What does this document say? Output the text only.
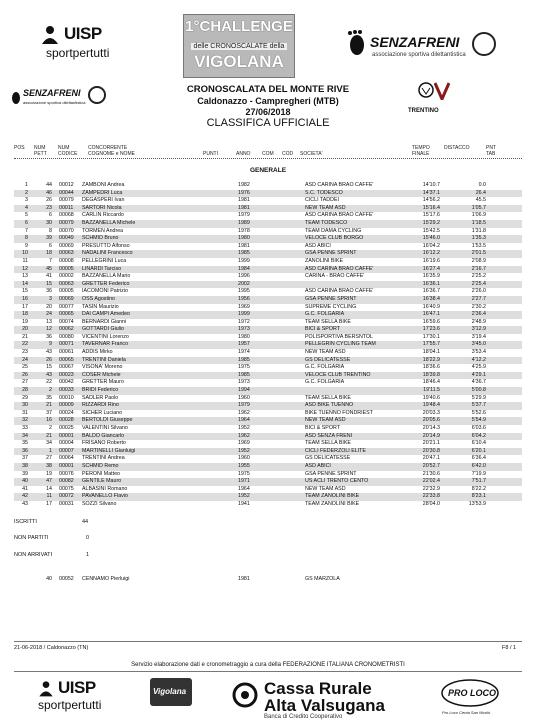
UISP
sportpertutti
1°CHALLENGE
delle CRONOSCALATE della
VIGOLANA
SENZAFRENI
associazione sportiva dilettantistica
SENZAFRENI
associazione sportiva dilettantistica
TRENTINO
CRONOSCALATA DEL MONTE RIVE
Caldonazzo - Campregheri (MTB)
27/06/2018
CLASSIFICA UFFICIALE
POS NUM PETT
NUM CODICE
CONCORRENTE COGNOME e NOME	PUNTI	ANNO COM COD SOCIETA'
TEMPO FINALE
DISTACCO	PNT TAB
GENERALE
1	44 00012 ZAMBONI Andrea	1982	ASD CARINA BRAO CAFFE'	14'10.7	0.0
2	46 00044 ZAMPEDRI Luca	1976	S.C. TODESCO	14'37.1	26.4
3	26 00079 DEGASPERI Ivan	1981	CICLI TADDEI	14'56.2	45.5
4	23 00011 SARTORI Nicola	1981	NEW TEAM ASD	15'16.4	1'05.7
5	6 00068 CARLIN Riccardo	1979	ASD CARINA BRAO CAFFE'	15'17.6	1'06.9
6	30 00079 BAZZANELLA Michele	1989	TEAM TODESCO	15'29.2	1'18.5
7	8 00070 TORMEN Andrea	1978	TEAM DAMA CYCLING	15'42.5	1'31.8
8	39 00049 SCHMID Bruno	1980	VELOCE CLUB BORGO	15'46.0	1'35.3
9	6 00069 PRESUTTO Alfonso	1981	ASD ABICI	16'04.2	1'53.5
10	18 00063 NADALINI Francesco	1985	GSA PENNE SPRINT	16'12.2	2'01.5
11	7 00008 PELLEGRINI Luca	1999	ZANOLINI BIKE	16'19.6	2'08.9
12	45 00005 LINARDI Tarciso	1984	ASD CARINA BRAO CAFFE'	16'27.4	2'16.7
13	41 00002 BAZZANELLA Mario	1996	CARINA - BRAO CAFFE'	16'35.9	2'25.2
14	15 00063 GRETTER Federico	2002	16'36.1	2'25.4
15	36 00005 IACOMONI Patrizio	1995	ASD CARINA BRAO CAFFE'	16'36.7	2'26.0
16	3 00069 OSS Agostino	1956	GSA PENNE SPRINT	16'38.4	2'27.7
17	20 00077 TASIN Maurizio	1969	SUPREME CYCLING	16'40.9	2'30.2
18	24 00065 DAI CAMPI Amedeo	1999	G.C. FOLGARIA	16'47.1	2'36.4
19	13 00074 BERNARDI Gianni	1972	TEAM SELLA BIKE	16'59.6	2'48.9
20	12 00062 GOTTARDI Giulio	1973	BICI & SPORT	17'23.6	3'12.9
21	36 00080 VICENTINI Lorenzo	1980	POLISPORTIVA BERSNTOL	17'30.1	3'19.4
22	9 00071 TAVERNAR Franco	1957	PELLEGRIN CYCLING TEAM	17'55.7	3'45.0
23	43 00061 ADDIS Mirko	1974	NEW TEAM ASD	18'04.1	3'53.4
24	26 00065 TRENTINI Daniela	1985	GS DELICATESSE	18'22.9	4'12.2
25	15 00067 VISONA' Moreno	1975	G.C. FOLGARIA	18'36.6	4'25.9
26	43 00023 COSER Michele	1985	VELOCE CLUB TRENTINO	18'39.8	4'29.1
27	22 00042 GRETTER Mauro	1973	G.C. FOLGARIA	18'46.4	4'36.7
28	2 00033 BRIDI Federico	1994	19'11.5	5'00.8
29	35 00010 SADLER Paolo	1960	TEAM SELLA BIKE	19'40.6	5'29.9
30	21 00009 RIZZARDI Rino	1979	ASD BIKE TUENNO	19'48.4	5'37.7
31	37 00024 SICHER Luciano	1962	BIKE TUENNO FONDRIEST	20'03.3	5'52.6
32	16 00028 BERTOLDI Giuseppe	1964	NEW TEAM ASD	20'05.6	5'54.9
33	2 00025 VALENTINI Silvano	1952	BICI & SPORT	20'14.3	6'03.6
34	21 00001 BALDO Giancarlo	1962	ASD SENZA FRENI	20'14.9	6'04.2
35	34 00004 FRISANO Roberto	1969	TEAM SELLA BIKE	20'21.1	6'10.4
36	1 00007 MARTINELLI Gianluigi	1952	CICLI FEDERZOLI ELITE	20'30.8	6'20.1
37	27 00064 TRENTINI Andrea	1960	GS DELICATESSE	20'47.1	6'36.4
38	38 00001 SCHMID Remo	1955	ASD ABICI	20'52.7	6'42.0
39	19 00076 PERONI Matteo	1975	GSA PENNE SPRINT	21'30.6	7'19.9
40	47 00082 GENTILE Mauro	1971	US ACLI TRENTO CENTO	22'02.4	7'51.7
41	14 00075 ALBASINI Romano	1964	NEW TEAM ASD	22'32.9	8'22.2
42	11 00072 PAVANELLO Flavio	1952	TEAM ZANOLINI BIKE	22'33.8	8'23.1
43	17 00031 SOZZI Silvano	1941	TEAM ZANOLINI BIKE	28'04.0	13'53.9
ISCRITTI	44
NON PARTITI	0
NON ARRIVATI	1
40 00052 CENNAMO Pierluigi	1981	GS MARZOLA
21-06-2018 / Caldonazzo (TN)	F8 / 1
Servizio elaborazione dati e cronometraggio a cura della FEDERAZIONE ITALIANA CRONOMETRISTI
UISP
sportpertutti
Vigolana	Cassa Rurale
Alta Valsugana
Banca di Credito Cooperativo
PRO LOCO
Pro Loco Centa San Nicolò
